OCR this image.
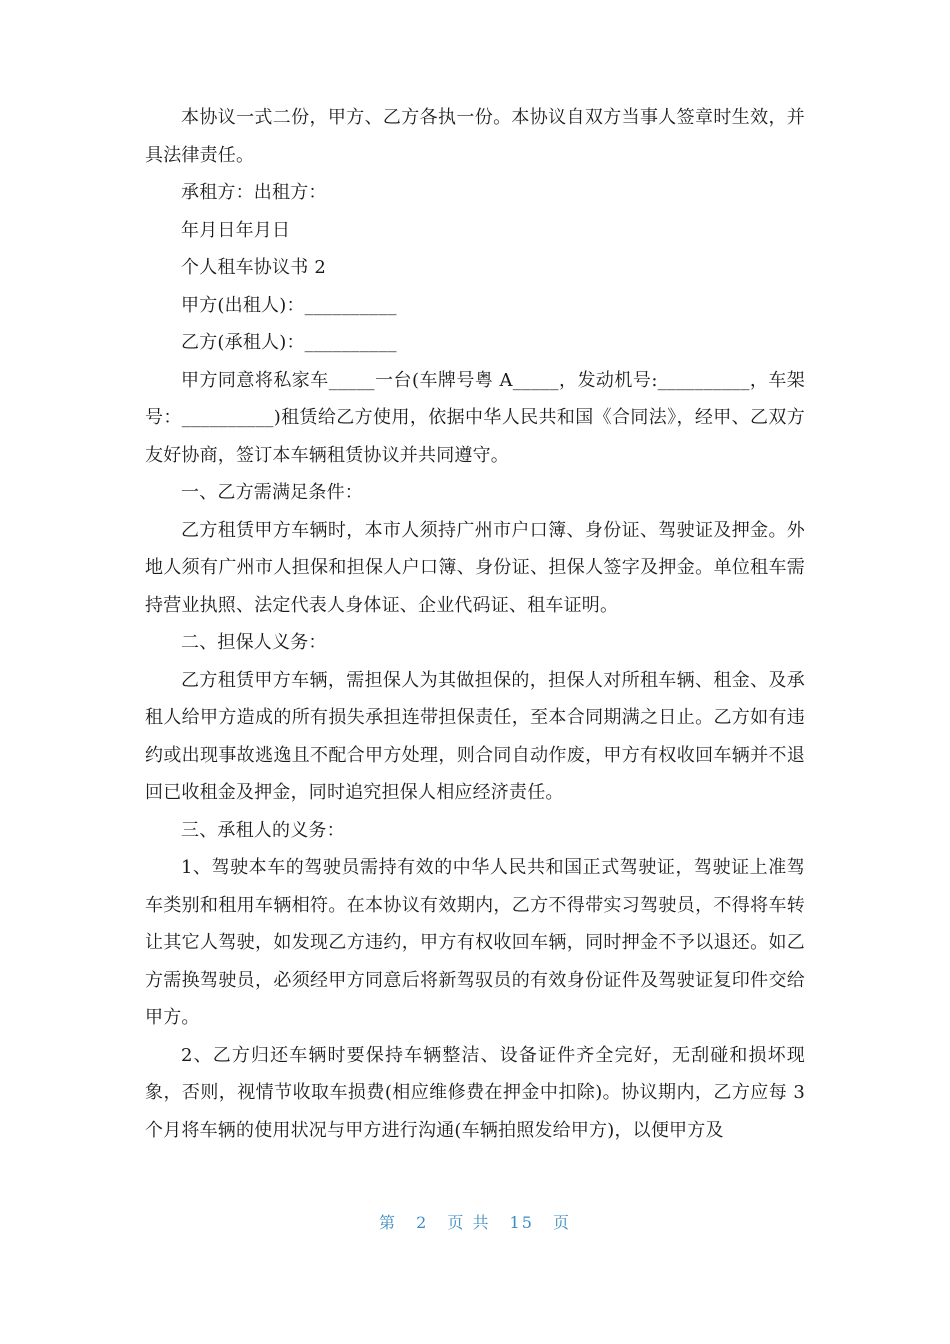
本协议一式二份，甲方、乙方各执一份。本协议自双方当事人签章时生效，并具法律责任。

承租方：出租方：

年月日年月日

个人租车协议书 2

甲方(出租人)：__________

乙方(承租人)：__________

甲方同意将私家车_____一台(车牌号粤 A_____，发动机号:__________，车架号：__________)租赁给乙方使用，依据中华人民共和国《合同法》，经甲、乙双方友好协商，签订本车辆租赁协议并共同遵守。

一、乙方需满足条件：

乙方租赁甲方车辆时，本市人须持广州市户口簿、身份证、驾驶证及押金。外地人须有广州市人担保和担保人户口簿、身份证、担保人签字及押金。单位租车需持营业执照、法定代表人身体证、企业代码证、租车证明。

二、担保人义务：

乙方租赁甲方车辆，需担保人为其做担保的，担保人对所租车辆、租金、及承租人给甲方造成的所有损失承担连带担保责任，至本合同期满之日止。乙方如有违约或出现事故逃逸且不配合甲方处理，则合同自动作废，甲方有权收回车辆并不退回已收租金及押金，同时追究担保人相应经济责任。

三、承租人的义务：

1、驾驶本车的驾驶员需持有效的中华人民共和国正式驾驶证，驾驶证上准驾车类别和租用车辆相符。在本协议有效期内，乙方不得带实习驾驶员，不得将车转让其它人驾驶，如发现乙方违约，甲方有权收回车辆，同时押金不予以退还。如乙方需换驾驶员，必须经甲方同意后将新驾驭员的有效身份证件及驾驶证复印件交给甲方。

2、乙方归还车辆时要保持车辆整洁、设备证件齐全完好，无刮碰和损坏现象，否则，视情节收取车损费(相应维修费在押金中扣除)。协议期内，乙方应每 3 个月将车辆的使用状况与甲方进行沟通(车辆拍照发给甲方)，以便甲方及

第 2 页 共 15 页
